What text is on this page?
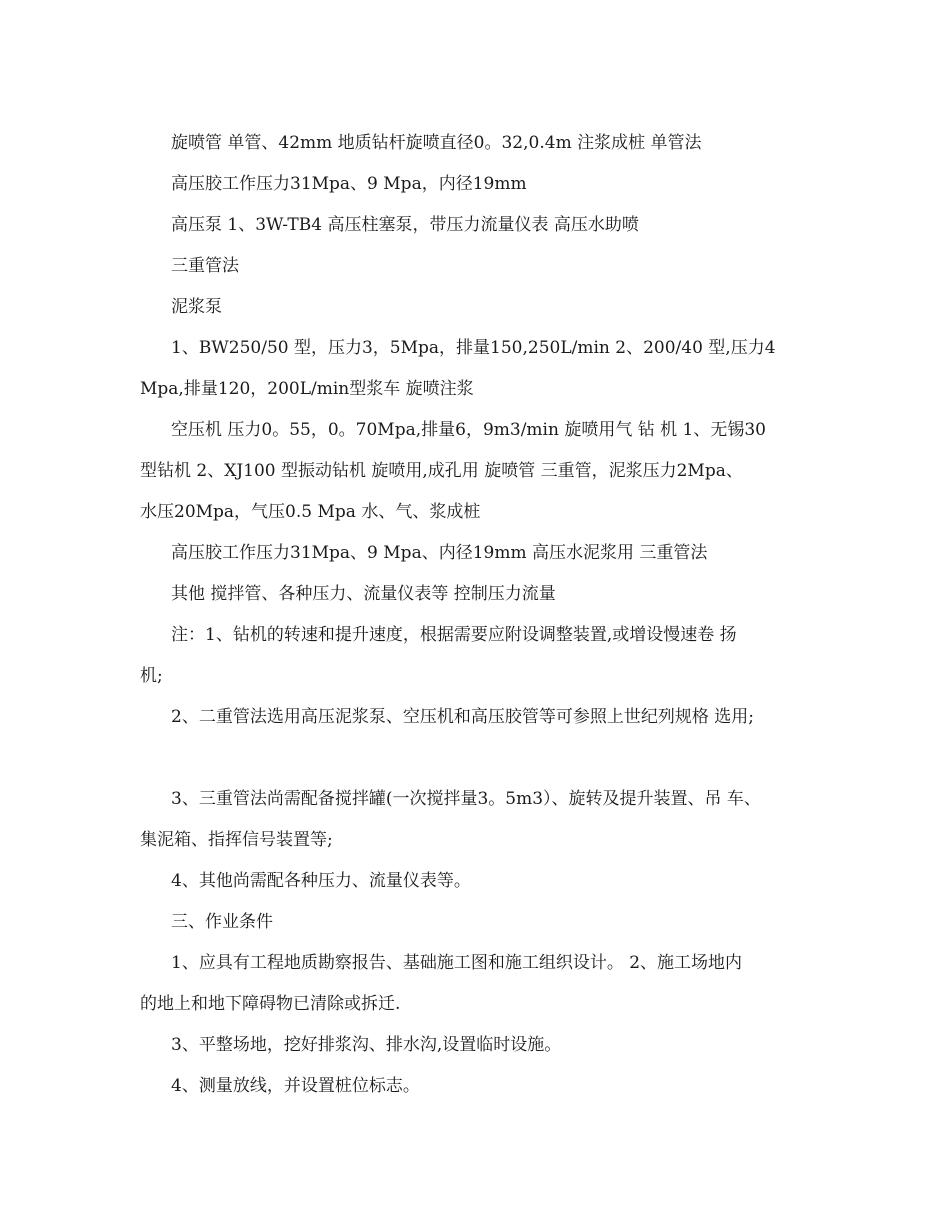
旋喷管 单管、42mm 地质钻杆旋喷直径0。32,0.4m 注浆成桩 单管法

高压胶工作压力31Mpa、9 Mpa，内径19mm

高压泵 1、3W-TB4 高压柱塞泵，带压力流量仪表 高压水助喷

三重管法

泥浆泵

1、BW250/50 型，压力3，5Mpa，排量150,250L/min 2、200/40 型,压力4

Mpa,排量120，200L/min型浆车 旋喷注浆

空压机 压力0。55，0。70Mpa,排量6，9m3/min 旋喷用气 钻 机 1、无锡30

型钻机 2、XJ100 型振动钻机 旋喷用,成孔用 旋喷管 三重管，泥浆压力2Mpa、

水压20Mpa，气压0.5 Mpa 水、气、浆成桩

高压胶工作压力31Mpa、9 Mpa、内径19mm 高压水泥浆用 三重管法

其他 搅拌管、各种压力、流量仪表等 控制压力流量

注：1、钻机的转速和提升速度，根据需要应附设调整装置,或增设慢速卷 扬

机;

2、二重管法选用高压泥浆泵、空压机和高压胶管等可参照上世纪列规格 选用;

3、三重管法尚需配备搅拌罐(一次搅拌量3。5m3）、旋转及提升装置、吊 车、

集泥箱、指挥信号装置等;

4、其他尚需配各种压力、流量仪表等。

三、作业条件

1、应具有工程地质勘察报告、基础施工图和施工组织设计。 2、施工场地内

的地上和地下障碍物已清除或拆迁.

3、平整场地，挖好排浆沟、排水沟,设置临时设施。

4、测量放线，并设置桩位标志。
